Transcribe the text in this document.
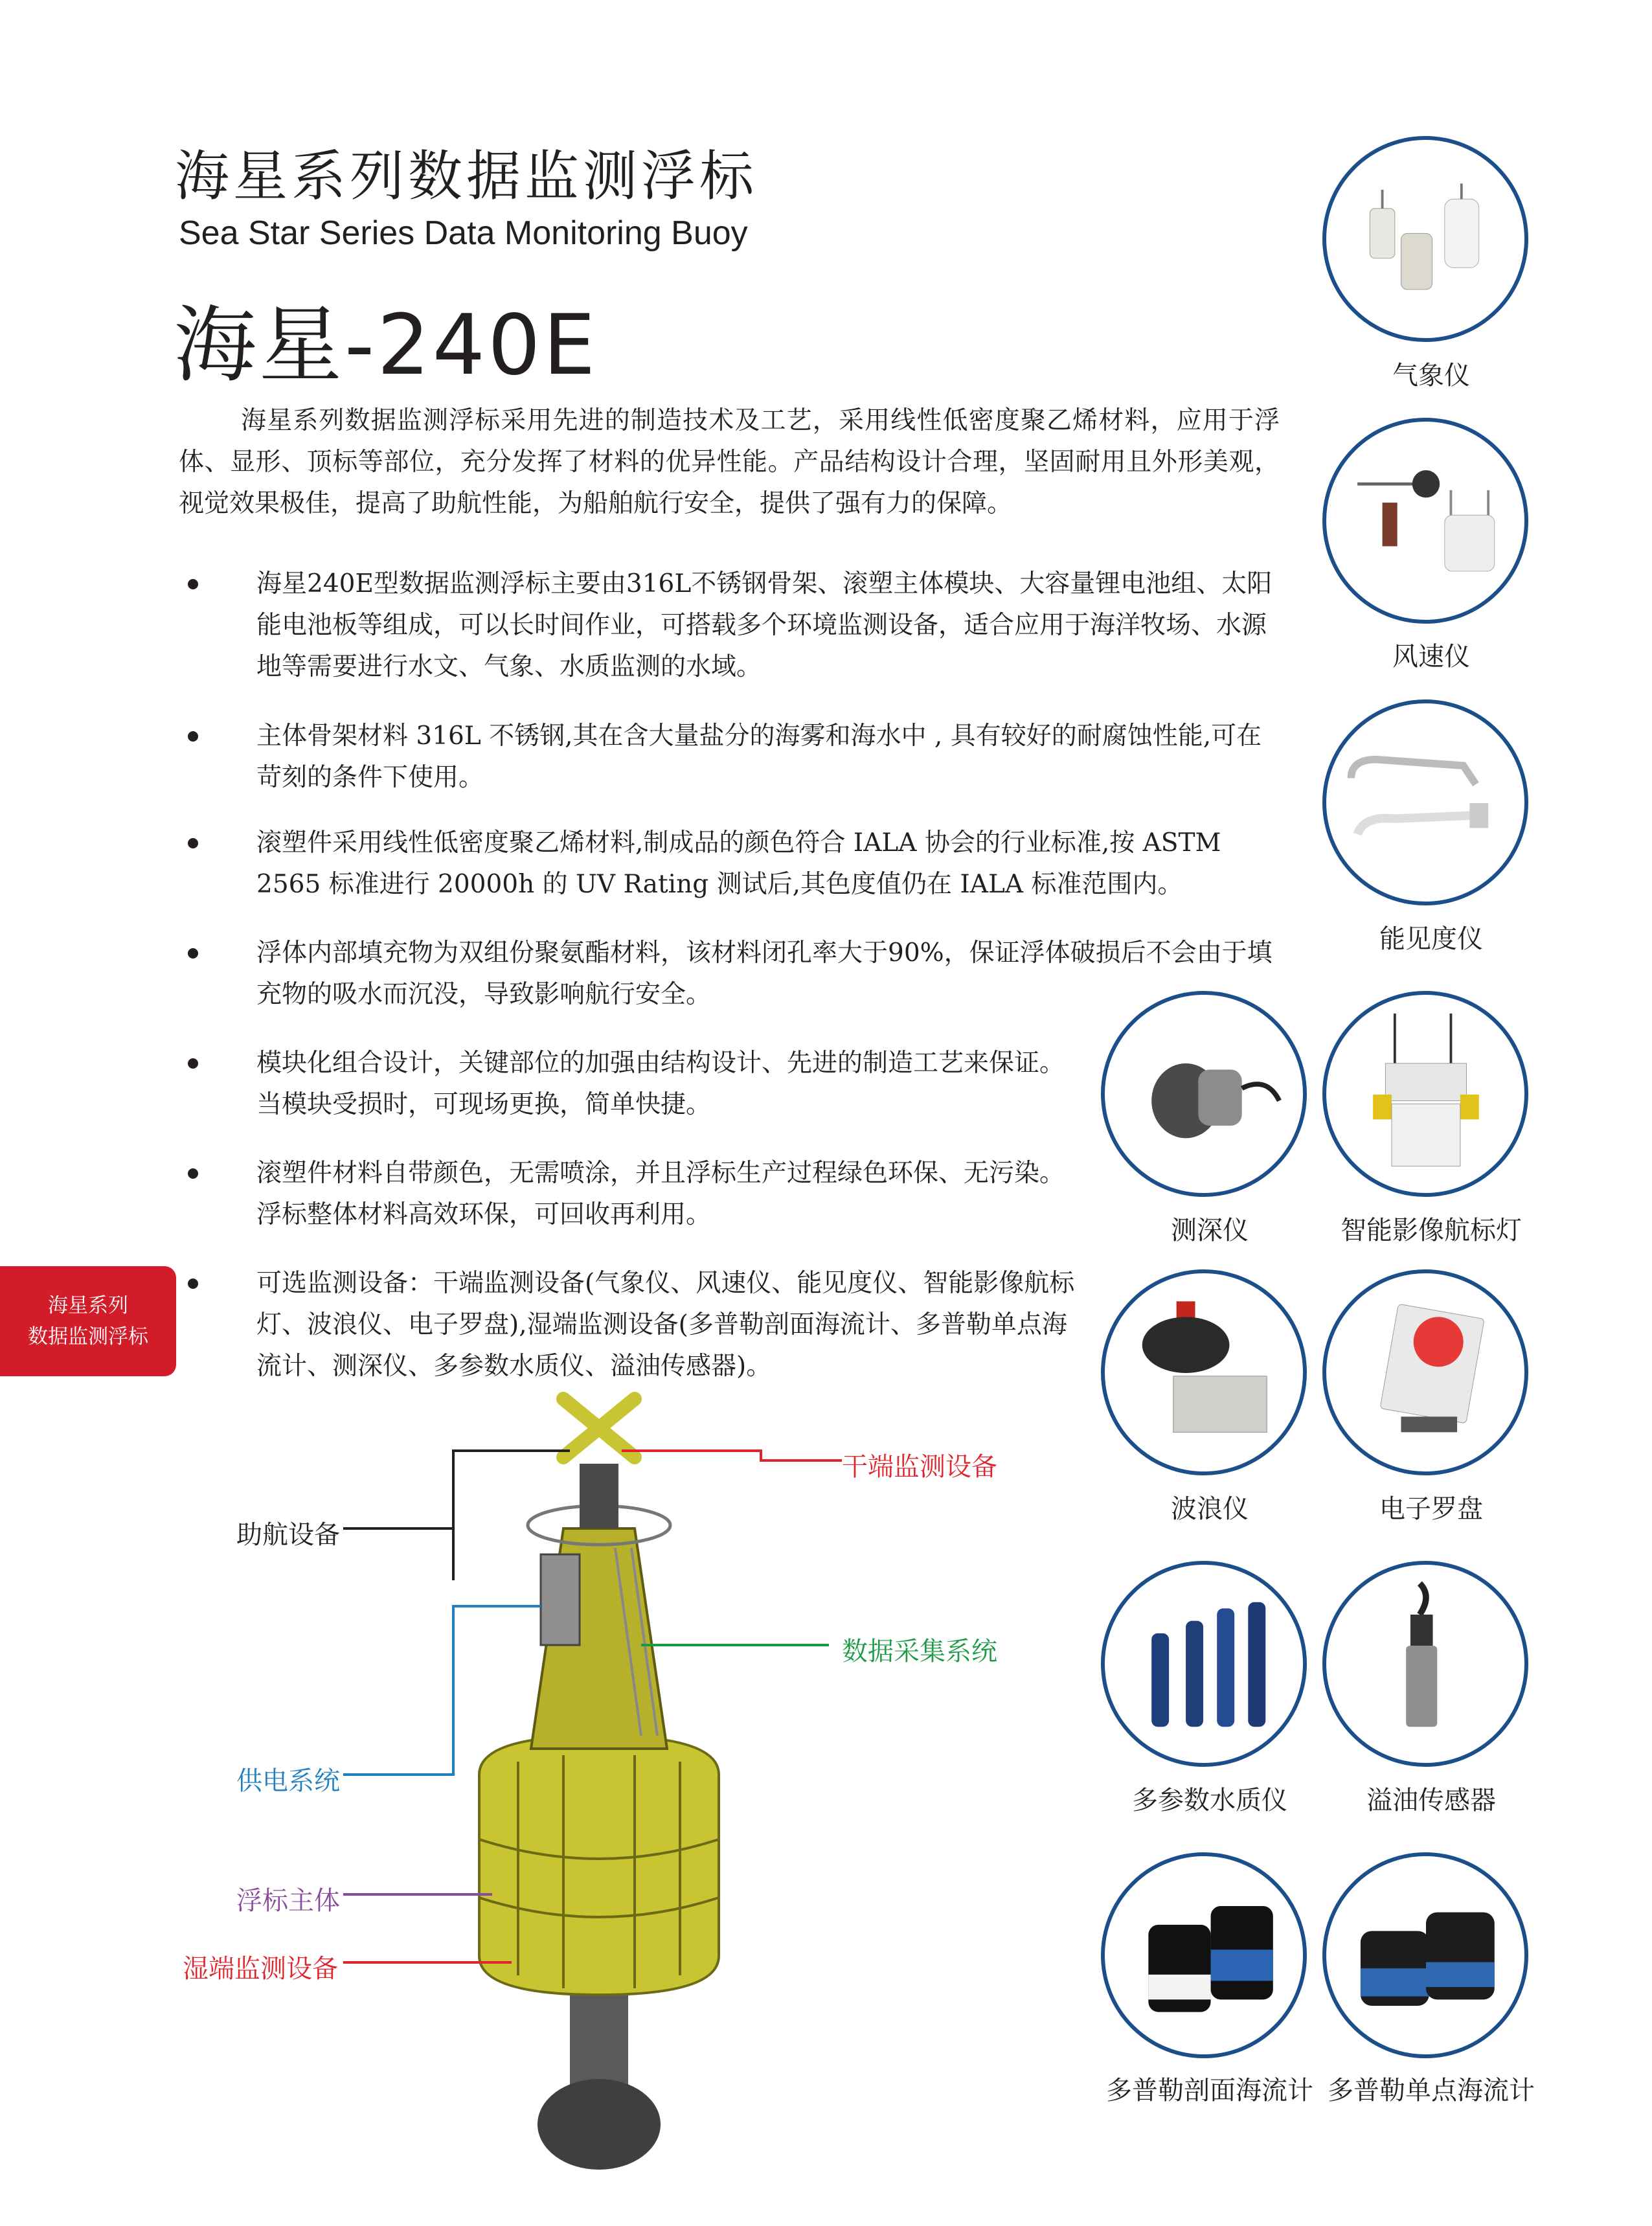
海星系列数据监测浮标
Sea Star Series Data Monitoring Buoy
海星-240E

海星系列数据监测浮标采用先进的制造技术及工艺，采用线性低密度聚乙烯材料，应用于浮体、显形、顶标等部位，充分发挥了材料的优异性能。产品结构设计合理，坚固耐用且外形美观，视觉效果极佳，提高了助航性能，为船舶航行安全，提供了强有力的保障。

海星240E型数据监测浮标主要由316L不锈钢骨架、滚塑主体模块、大容量锂电池组、太阳能电池板等组成，可以长时间作业，可搭载多个环境监测设备，适合应用于海洋牧场、水源地等需要进行水文、气象、水质监测的水域。
主体骨架材料 316L 不锈钢,其在含大量盐分的海雾和海水中 , 具有较好的耐腐蚀性能,可在苛刻的条件下使用。
滚塑件采用线性低密度聚乙烯材料,制成品的颜色符合 IALA 协会的行业标准,按 ASTM 2565 标准进行 20000h 的 UV Rating 测试后,其色度值仍在 IALA 标准范围内。
浮体内部填充物为双组份聚氨酯材料，该材料闭孔率大于90%，保证浮体破损后不会由于填充物的吸水而沉没，导致影响航行安全。
模块化组合设计，关键部位的加强由结构设计、先进的制造工艺来保证。当模块受损时，可现场更换，简单快捷。
滚塑件材料自带颜色，无需喷涂，并且浮标生产过程绿色环保、无污染。浮标整体材料高效环保，可回收再利用。
可选监测设备：干端监测设备(气象仪、风速仪、能见度仪、智能影像航标灯、波浪仪、电子罗盘),湿端监测设备(多普勒剖面海流计、多普勒单点海流计、测深仪、多参数水质仪、溢油传感器)。
海星系列
数据监测浮标
气象仪
风速仪
能见度仪
测深仪	智能影像航标灯
波浪仪	电子罗盘
多参数水质仪	溢油传感器
多普勒剖面海流计 多普勒单点海流计
助航设备
干端监测设备
数据采集系统
供电系统
浮标主体
湿端监测设备
